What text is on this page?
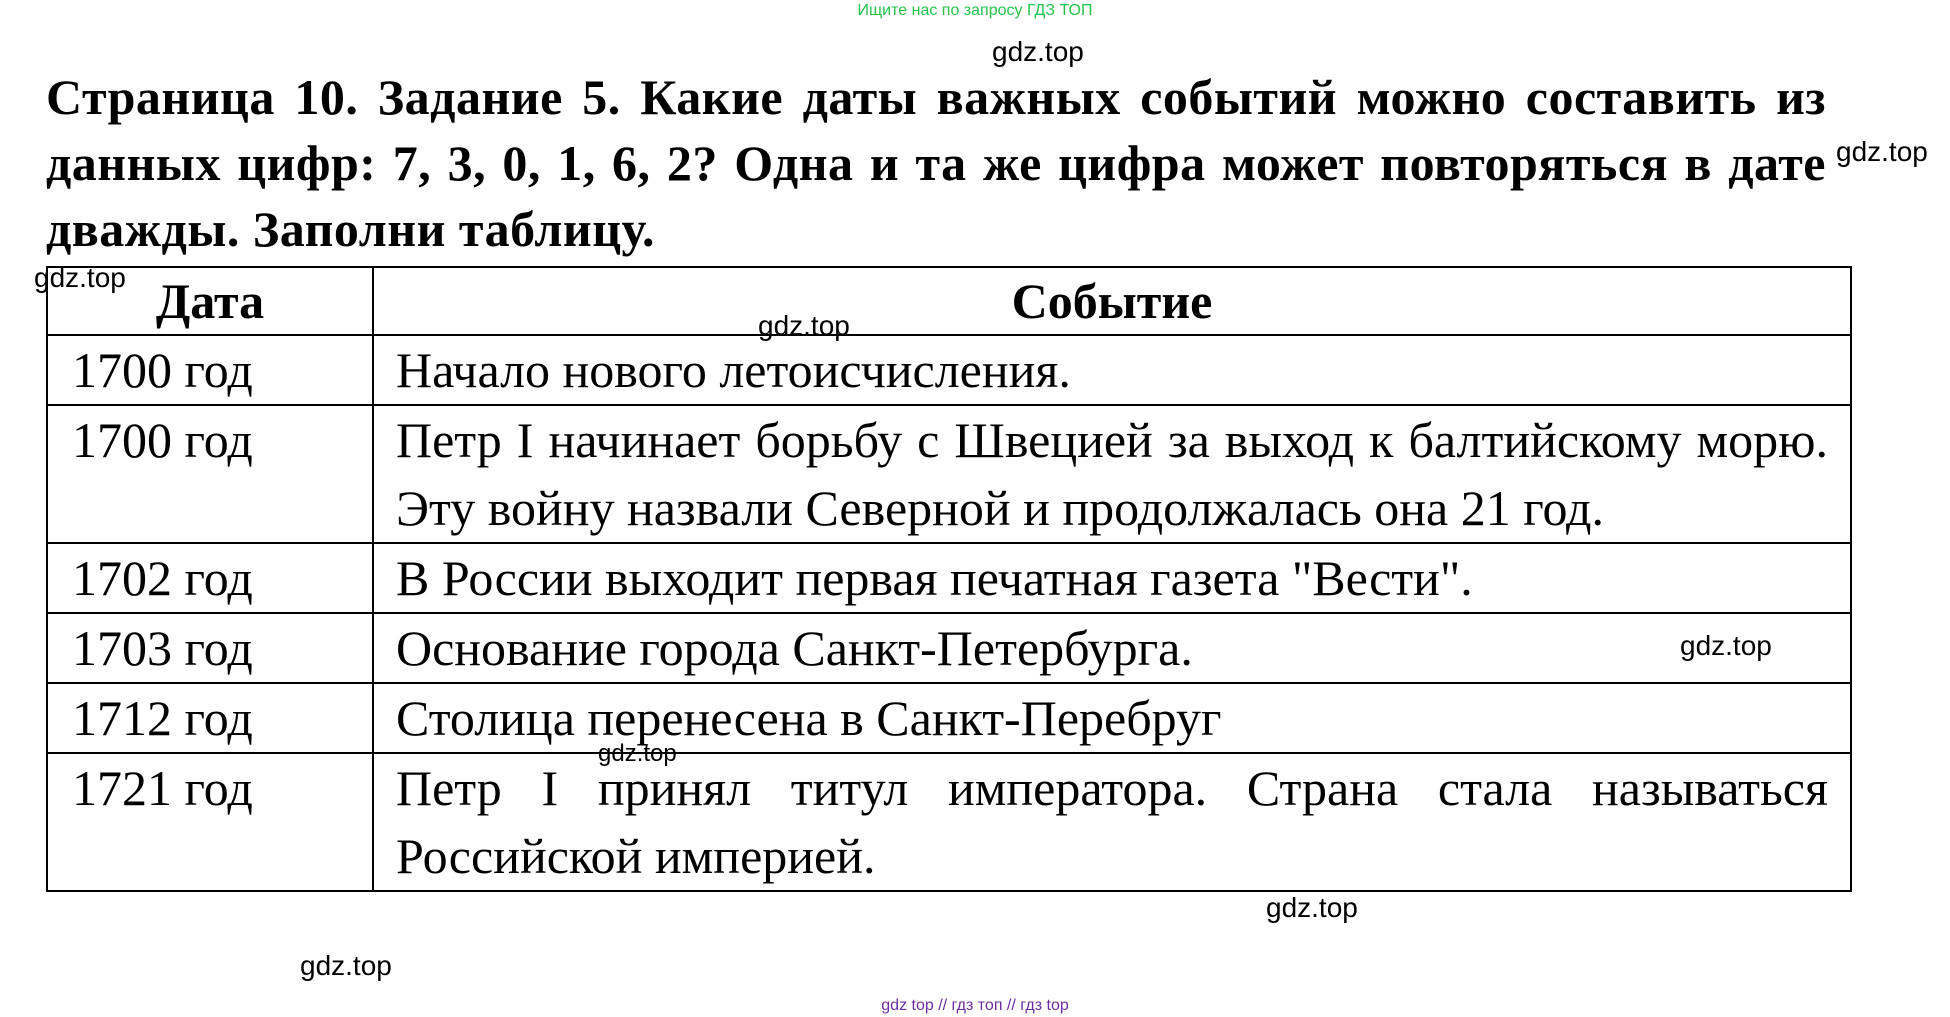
Ищите нас по запросу ГДЗ ТОП
gdz.top
Страница 10. Задание 5. Какие даты важных событий можно составить из данных цифр: 7, 3, 0, 1, 6, 2? Одна и та же цифра может повторяться в дате дважды. Заполни таблицу.
gdz.top
gdz.top Дата	Событие
1700 год	Начало нового летоисчисления.
1700 год	Петр I начинает борьбу с Швецией за выход к балтийскому морю. Эту войну назвали Северной и продолжалась она 21 год.
1702 год	В России выходит первая печатная газета "Вести".
1703 год	Основание города Санкт-Петербурга.
1712 год	Столица перенесена в Санкт-Перебруг
1721 год	Петр I принял титул императора. Страна стала называться Российской империей.
gdz.top
gdz.top
gdz.top
gdz.top
gdz.top
gdz top // гдз топ // гдз top
